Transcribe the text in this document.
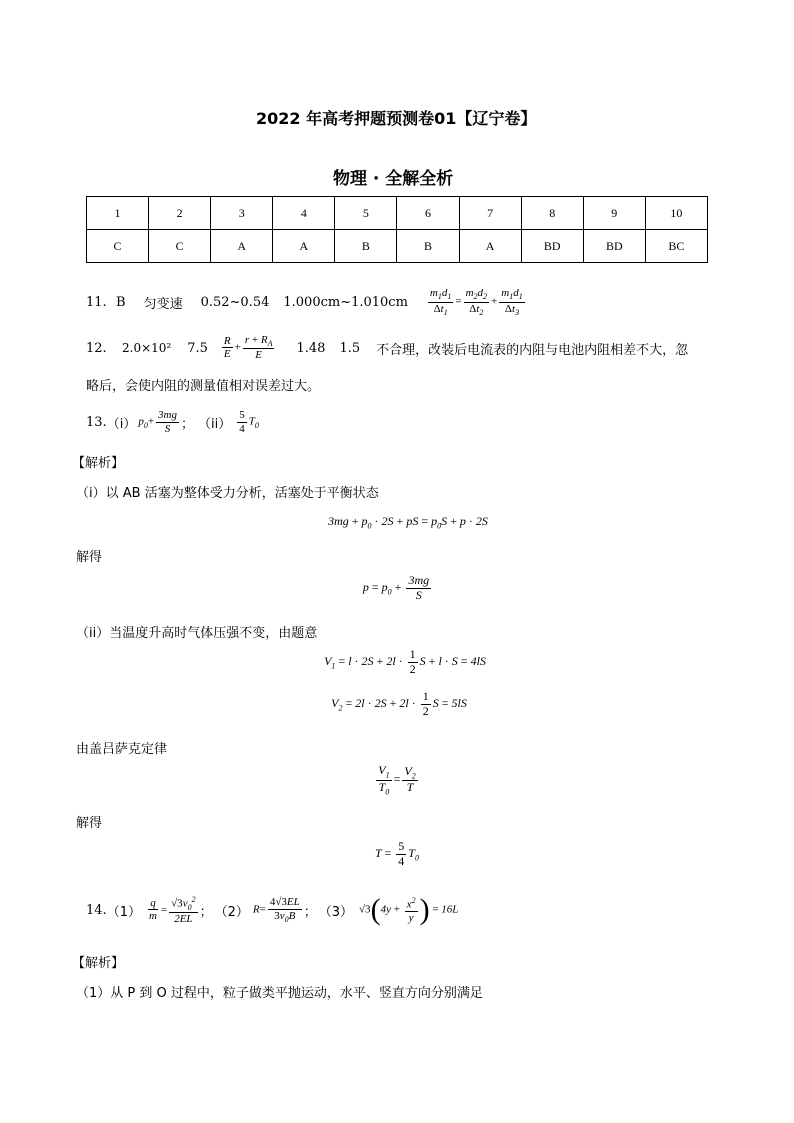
2022 年高考押题预测卷01【辽宁卷】
物理 · 全解全析
1	2	3	4	5	6	7	8	9	10
C	C	A	A	B	B	A	BD	BD	BC
11. B 匀变速 0.52~0.54 1.000cm~1.010cm $\frac{m_1d_1}{\Delta t_1} = \frac{m_2d_2}{\Delta t_2} + \frac{m_1d_1}{\Delta t_3}$
12.	2.0×10² $7.5 \frac{R}{E} + \frac{r + R_A}{E} 1.48$ 1.5 不合理，改装后电流表的内阻与电池内阻相差不大，忽
略后，会使内阻的测量值相对误差过大。
13. （i） $p_0+ \frac{3mg}{S}$ ； $(ii) \frac{5}{4} T_0$
【解析】
（i）以 AB 活塞为整体受力分析，活塞处于平衡状态
$3mg + p_0 \cdot 2S$ + pS = $p_0S + p \cdot 2S$
解得
$p = p_0 + \frac{3mg}{S}$
（ii）当温度升高时气体压强不变，由题意
$V_1 = l \cdot 2S + 2l \cdot \frac{1}{2}$ S + l · S = 4lS
$V_2 = 2l \cdot 2S + 2l \cdot \frac{1}{2}$ S = 5lS
由盖吕萨克定律
$\frac{V_1}{T_0} = \frac{V_2}{T}$
解得
$T = \frac{5}{4} T_0$
14. $(1) \frac{q}{m} = \frac{√3v_0^2}{2EL}$ ； （2） $R= \frac{4√3EL}{3v_0B}$ ； （3） $√3(4y + \frac{x^2}{y}$ ) = 16L
【解析】
（1）从 P 到 O 过程中，粒子做类平抛运动，水平、竖直方向分别满足
